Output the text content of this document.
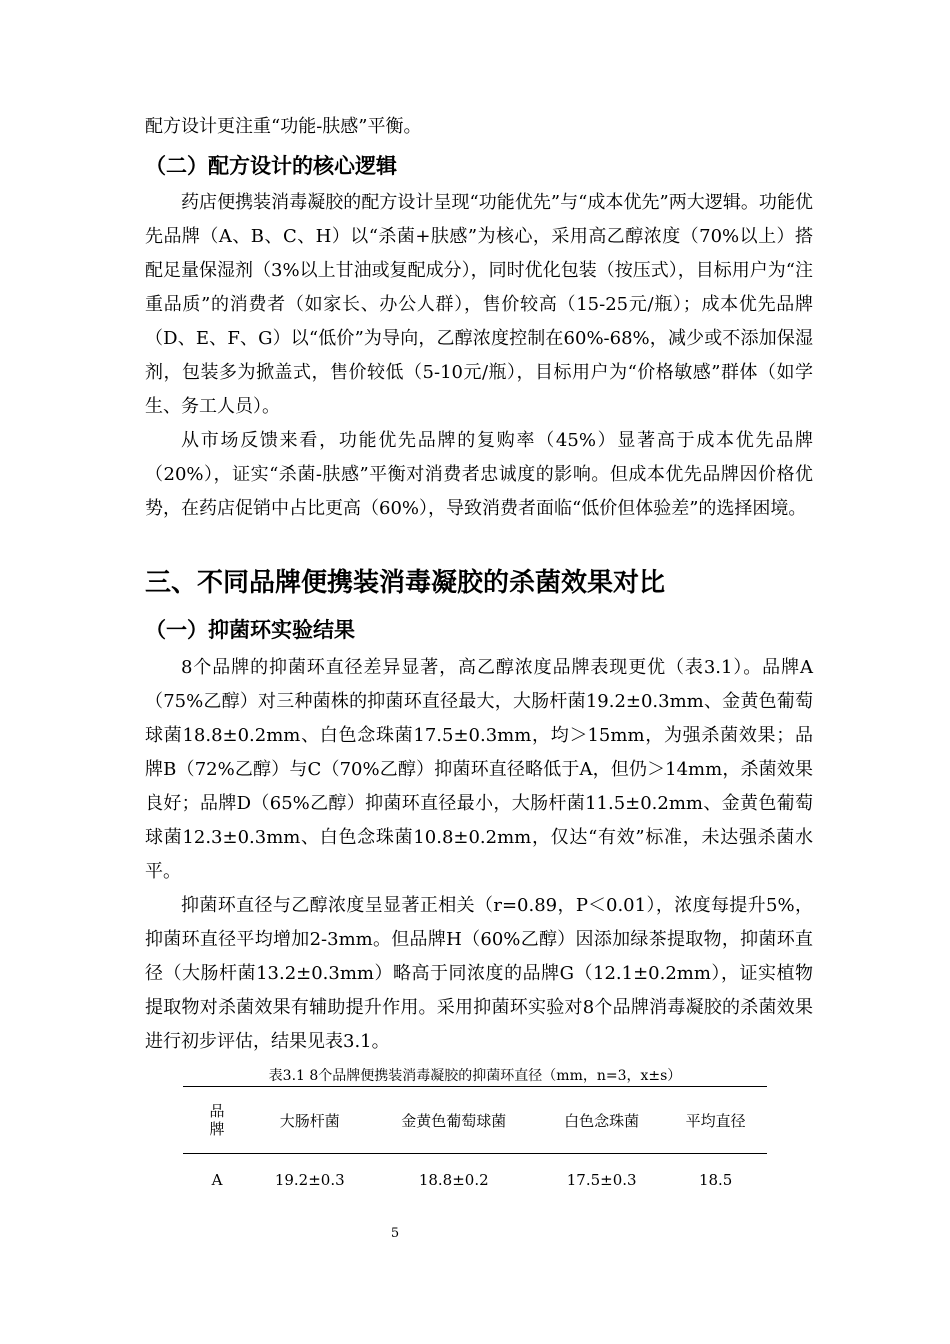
配方设计更注重“功能-肤感”平衡。

（二）配方设计的核心逻辑

药店便携装消毒凝胶的配方设计呈现“功能优先”与“成本优先”两大逻辑。功能优先品牌（A、B、C、H）以“杀菌+肤感”为核心，采用高乙醇浓度（70%以上）搭配足量保湿剂（3%以上甘油或复配成分），同时优化包装（按压式），目标用户为“注重品质”的消费者（如家长、办公人群），售价较高（15-25元/瓶）；成本优先品牌（D、E、F、G）以“低价”为导向，乙醇浓度控制在60%-68%，减少或不添加保湿剂，包装多为掀盖式，售价较低（5-10元/瓶），目标用户为“价格敏感”群体（如学生、务工人员）。

从市场反馈来看，功能优先品牌的复购率（45%）显著高于成本优先品牌（20%），证实“杀菌-肤感”平衡对消费者忠诚度的影响。但成本优先品牌因价格优势，在药店促销中占比更高（60%），导致消费者面临“低价但体验差”的选择困境。

三、不同品牌便携装消毒凝胶的杀菌效果对比
（一）抑菌环实验结果

8个品牌的抑菌环直径差异显著，高乙醇浓度品牌表现更优（表3.1）。品牌A（75%乙醇）对三种菌株的抑菌环直径最大，大肠杆菌19.2±0.3mm、金黄色葡萄球菌18.8±0.2mm、白色念珠菌17.5±0.3mm，均＞15mm，为强杀菌效果；品牌B（72%乙醇）与C（70%乙醇）抑菌环直径略低于A，但仍＞14mm，杀菌效果良好；品牌D（65%乙醇）抑菌环直径最小，大肠杆菌11.5±0.2mm、金黄色葡萄球菌12.3±0.3mm、白色念珠菌10.8±0.2mm，仅达“有效”标准，未达强杀菌水平。

抑菌环直径与乙醇浓度呈显著正相关（r=0.89，P＜0.01），浓度每提升5%，抑菌环直径平均增加2-3mm。但品牌H（60%乙醇）因添加绿茶提取物，抑菌环直径（大肠杆菌13.2±0.3mm）略高于同浓度的品牌G（12.1±0.2mm），证实植物提取物对杀菌效果有辅助提升作用。采用抑菌环实验对8个品牌消毒凝胶的杀菌效果进行初步评估，结果见表3.1。

表3.1 8个品牌便携装消毒凝胶的抑菌环直径（mm，n=3，x±s）

品牌	大肠杆菌	金黄色葡萄球菌	白色念珠菌	平均直径
A	19.2±0.3	18.8±0.2	17.5±0.3	18.5

5
